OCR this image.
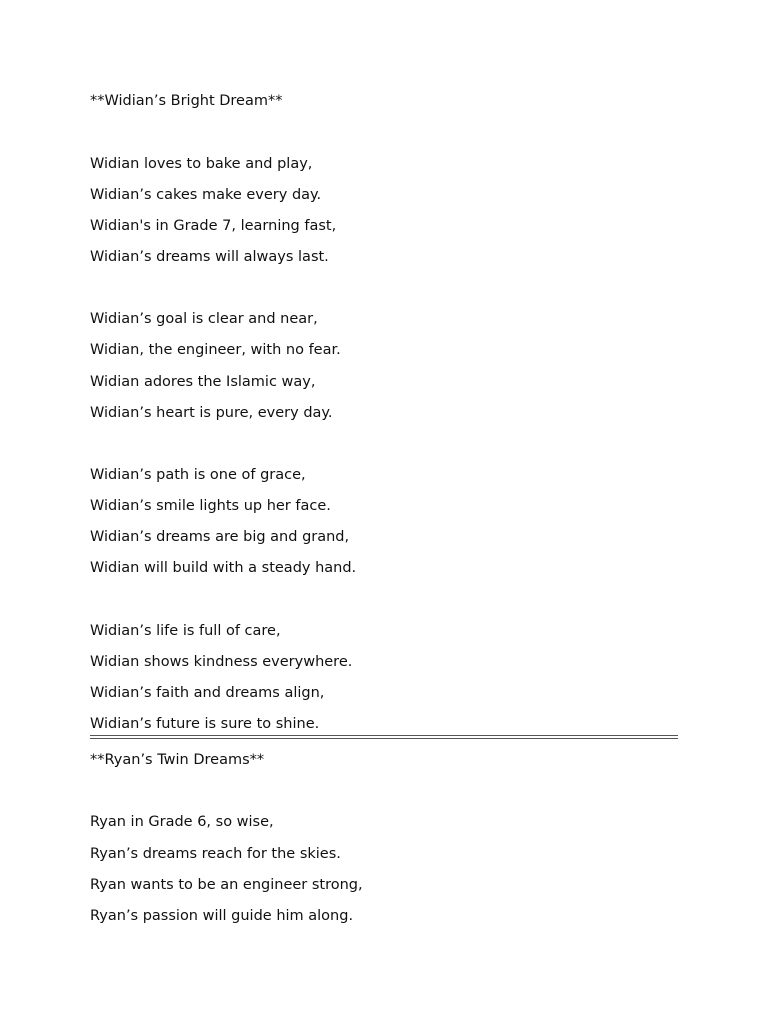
**Widian’s Bright Dream**
Widian loves to bake and play,
Widian’s cakes make every day.
Widian's in Grade 7, learning fast,
Widian’s dreams will always last.
Widian’s goal is clear and near,
Widian, the engineer, with no fear.
Widian adores the Islamic way,
Widian’s heart is pure, every day.
Widian’s path is one of grace,
Widian’s smile lights up her face.
Widian’s dreams are big and grand,
Widian will build with a steady hand.
Widian’s life is full of care,
Widian shows kindness everywhere.
Widian’s faith and dreams align,
Widian’s future is sure to shine.
**Ryan’s Twin Dreams**
Ryan in Grade 6, so wise,
Ryan’s dreams reach for the skies.
Ryan wants to be an engineer strong,
Ryan’s passion will guide him along.
